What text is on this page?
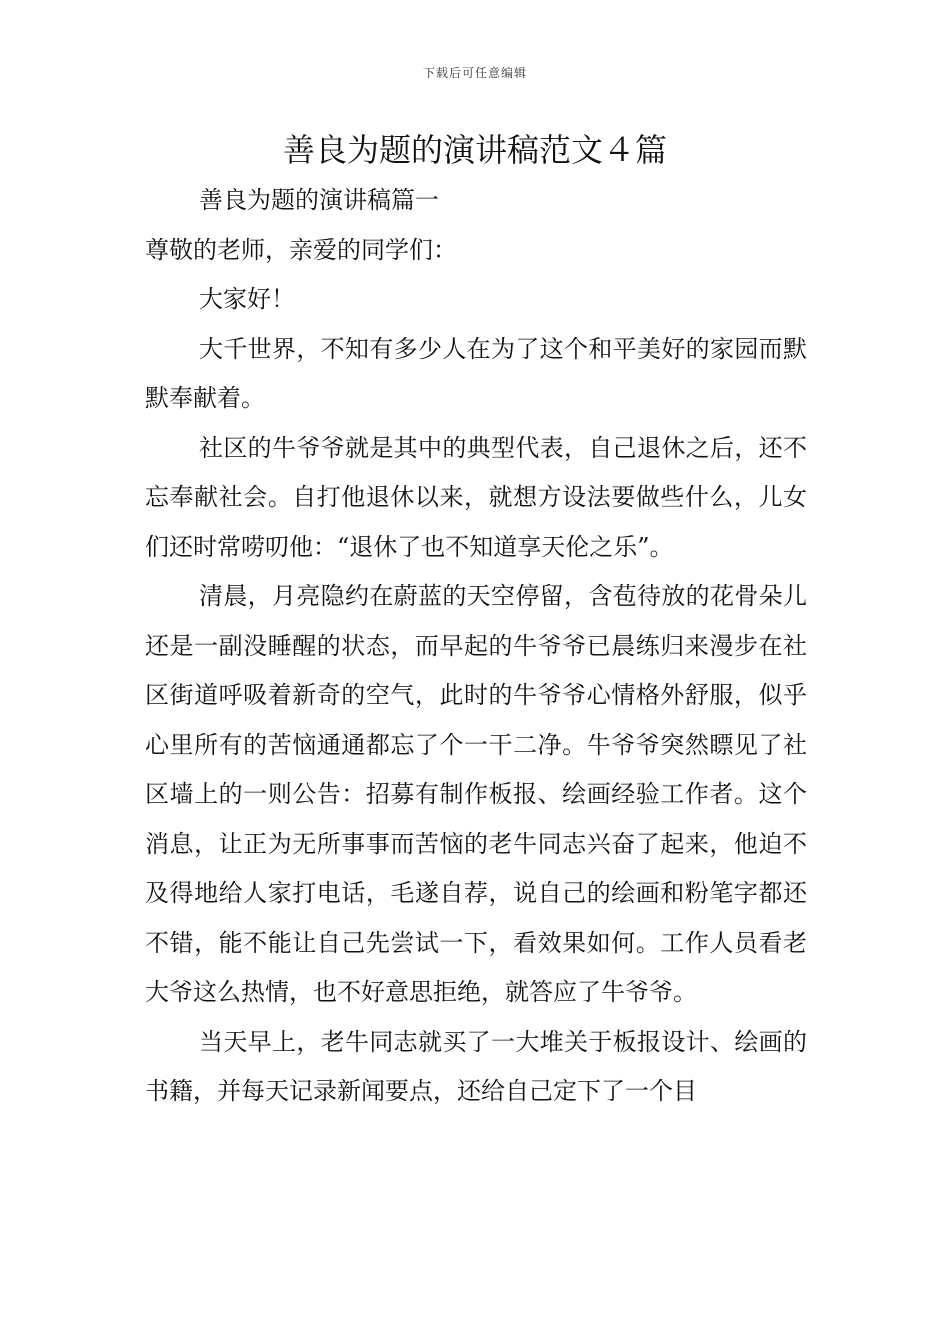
下载后可任意编辑
善良为题的演讲稿范文４篇

善良为题的演讲稿篇一

尊敬的老师，亲爱的同学们：

大家好！

大千世界，不知有多少人在为了这个和平美好的家园而默默奉献着。

社区的牛爷爷就是其中的典型代表，自己退休之后，还不忘奉献社会。自打他退休以来，就想方设法要做些什么，儿女们还时常唠叨他：“退休了也不知道享天伦之乐”。

清晨，月亮隐约在蔚蓝的天空停留，含苞待放的花骨朵儿还是一副没睡醒的状态，而早起的牛爷爷已晨练归来漫步在社区街道呼吸着新奇的空气，此时的牛爷爷心情格外舒服，似乎心里所有的苦恼通通都忘了个一干二净。牛爷爷突然瞟见了社区墙上的一则公告：招募有制作板报、绘画经验工作者。这个消息，让正为无所事事而苦恼的老牛同志兴奋了起来，他迫不及得地给人家打电话，毛遂自荐，说自己的绘画和粉笔字都还不错，能不能让自己先尝试一下，看效果如何。工作人员看老大爷这么热情，也不好意思拒绝，就答应了牛爷爷。

当天早上，老牛同志就买了一大堆关于板报设计、绘画的书籍，并每天记录新闻要点，还给自己定下了一个目
